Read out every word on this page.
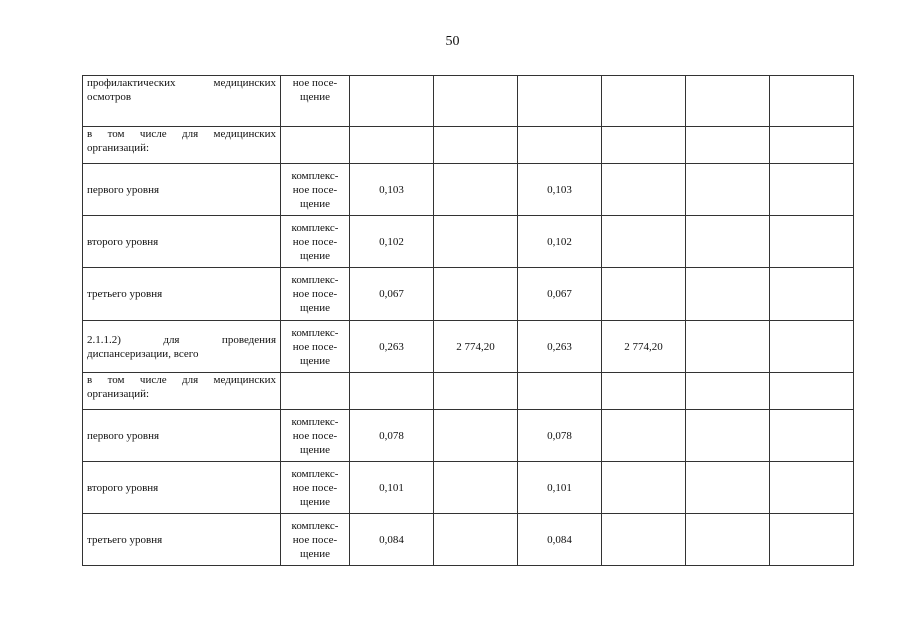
50
профилактических медицинских осмотров	ное посе-
щение						

в том числе для медицинских организаций:							
первого уровня	комплекс-
ное посе-
щение	0,103		0,103			
второго уровня	комплекс-
ное посе-
щение	0,102		0,102			
третьего уровня	комплекс-
ное посе-
щение	0,067		0,067			
2.1.1.2) для проведения диспансеризации, всего	комплекс-
ное посе-
щение	0,263	2 774,20	0,263	2 774,20		
в том числе для медицинских организаций:							
первого уровня	комплекс-
ное посе-
щение	0,078		0,078			
второго уровня	комплекс-
ное посе-
щение	0,101		0,101			
третьего уровня	комплекс-
ное посе-
щение	0,084		0,084			
